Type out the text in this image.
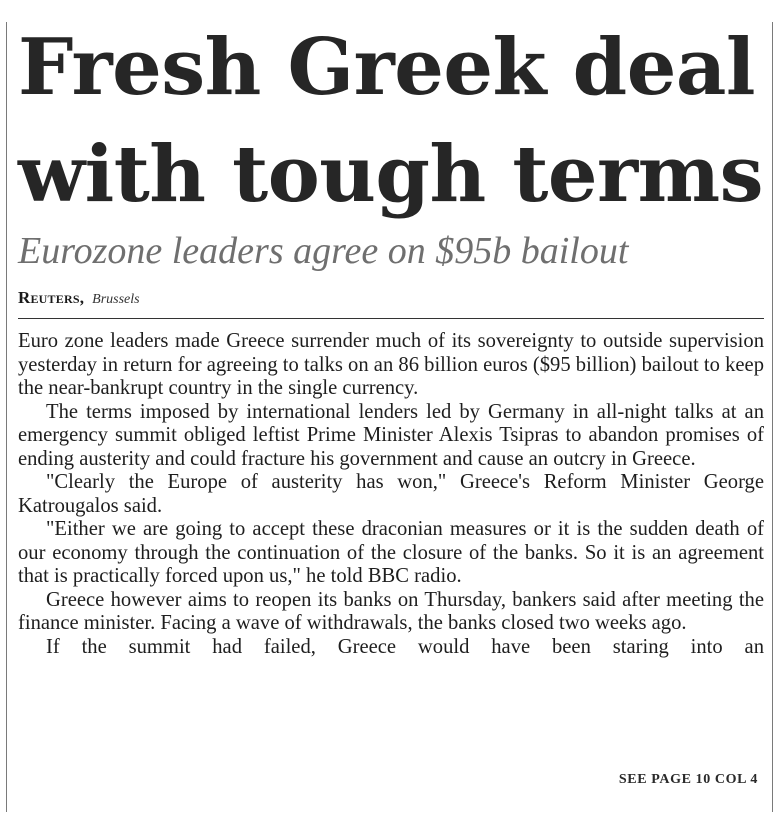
Fresh Greek deal
with tough terms
Eurozone leaders agree on $95b bailout
Reuters, Brussels

Euro zone leaders made Greece surrender much of its sovereignty to outside supervision yesterday in return for agreeing to talks on an 86 billion euros ($95 billion) bailout to keep the near-bankrupt country in the single currency.

The terms imposed by international lenders led by Germany in all-night talks at an emergency summit obliged leftist Prime Minister Alexis Tsipras to abandon promises of ending austerity and could fracture his government and cause an outcry in Greece.

"Clearly the Europe of austerity has won," Greece's Reform Minister George Katrougalos said.

"Either we are going to accept these draconian measures or it is the sudden death of our economy through the continuation of the closure of the banks. So it is an agreement that is practically forced upon us," he told BBC radio.

Greece however aims to reopen its banks on Thursday, bankers said after meeting the finance minister. Facing a wave of withdrawals, the banks closed two weeks ago.

If the summit had failed, Greece would have been staring into an

SEE PAGE 10 COL 4
